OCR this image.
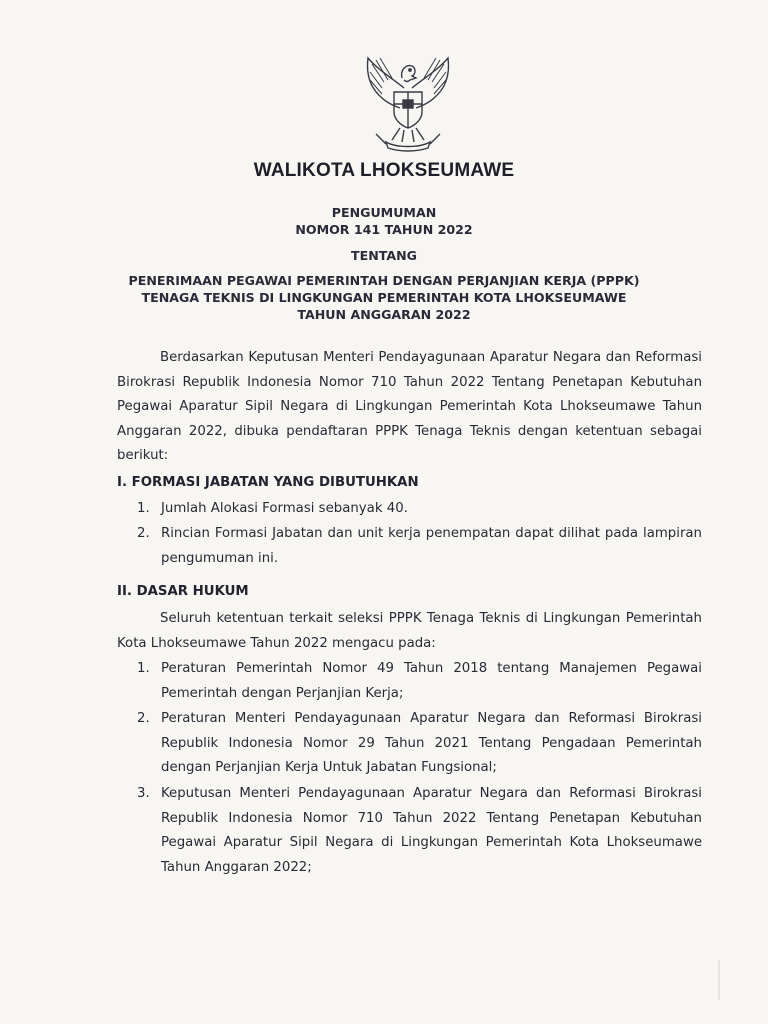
WALIKOTA LHOKSEUMAWE
PENGUMUMAN
NOMOR 141 TAHUN 2022
TENTANG
PENERIMAAN PEGAWAI PEMERINTAH DENGAN PERJANJIAN KERJA (PPPK)
TENAGA TEKNIS DI LINGKUNGAN PEMERINTAH KOTA LHOKSEUMAWE
TAHUN ANGGARAN 2022
Berdasarkan Keputusan Menteri Pendayagunaan Aparatur Negara dan Reformasi Birokrasi Republik Indonesia Nomor 710 Tahun 2022 Tentang Penetapan Kebutuhan Pegawai Aparatur Sipil Negara di Lingkungan Pemerintah Kota Lhokseumawe Tahun Anggaran 2022, dibuka pendaftaran PPPK Tenaga Teknis dengan ketentuan sebagai berikut:
I. FORMASI JABATAN YANG DIBUTUHKAN
1. Jumlah Alokasi Formasi sebanyak 40.
2. Rincian Formasi Jabatan dan unit kerja penempatan dapat dilihat pada lampiran pengumuman ini.
II. DASAR HUKUM
Seluruh ketentuan terkait seleksi PPPK Tenaga Teknis di Lingkungan Pemerintah Kota Lhokseumawe Tahun 2022 mengacu pada:
1. Peraturan Pemerintah Nomor 49 Tahun 2018 tentang Manajemen Pegawai Pemerintah dengan Perjanjian Kerja;
2. Peraturan Menteri Pendayagunaan Aparatur Negara dan Reformasi Birokrasi Republik Indonesia Nomor 29 Tahun 2021 Tentang Pengadaan Pemerintah dengan Perjanjian Kerja Untuk Jabatan Fungsional;
3. Keputusan Menteri Pendayagunaan Aparatur Negara dan Reformasi Birokrasi Republik Indonesia Nomor 710 Tahun 2022 Tentang Penetapan Kebutuhan Pegawai Aparatur Sipil Negara di Lingkungan Pemerintah Kota Lhokseumawe Tahun Anggaran 2022;
